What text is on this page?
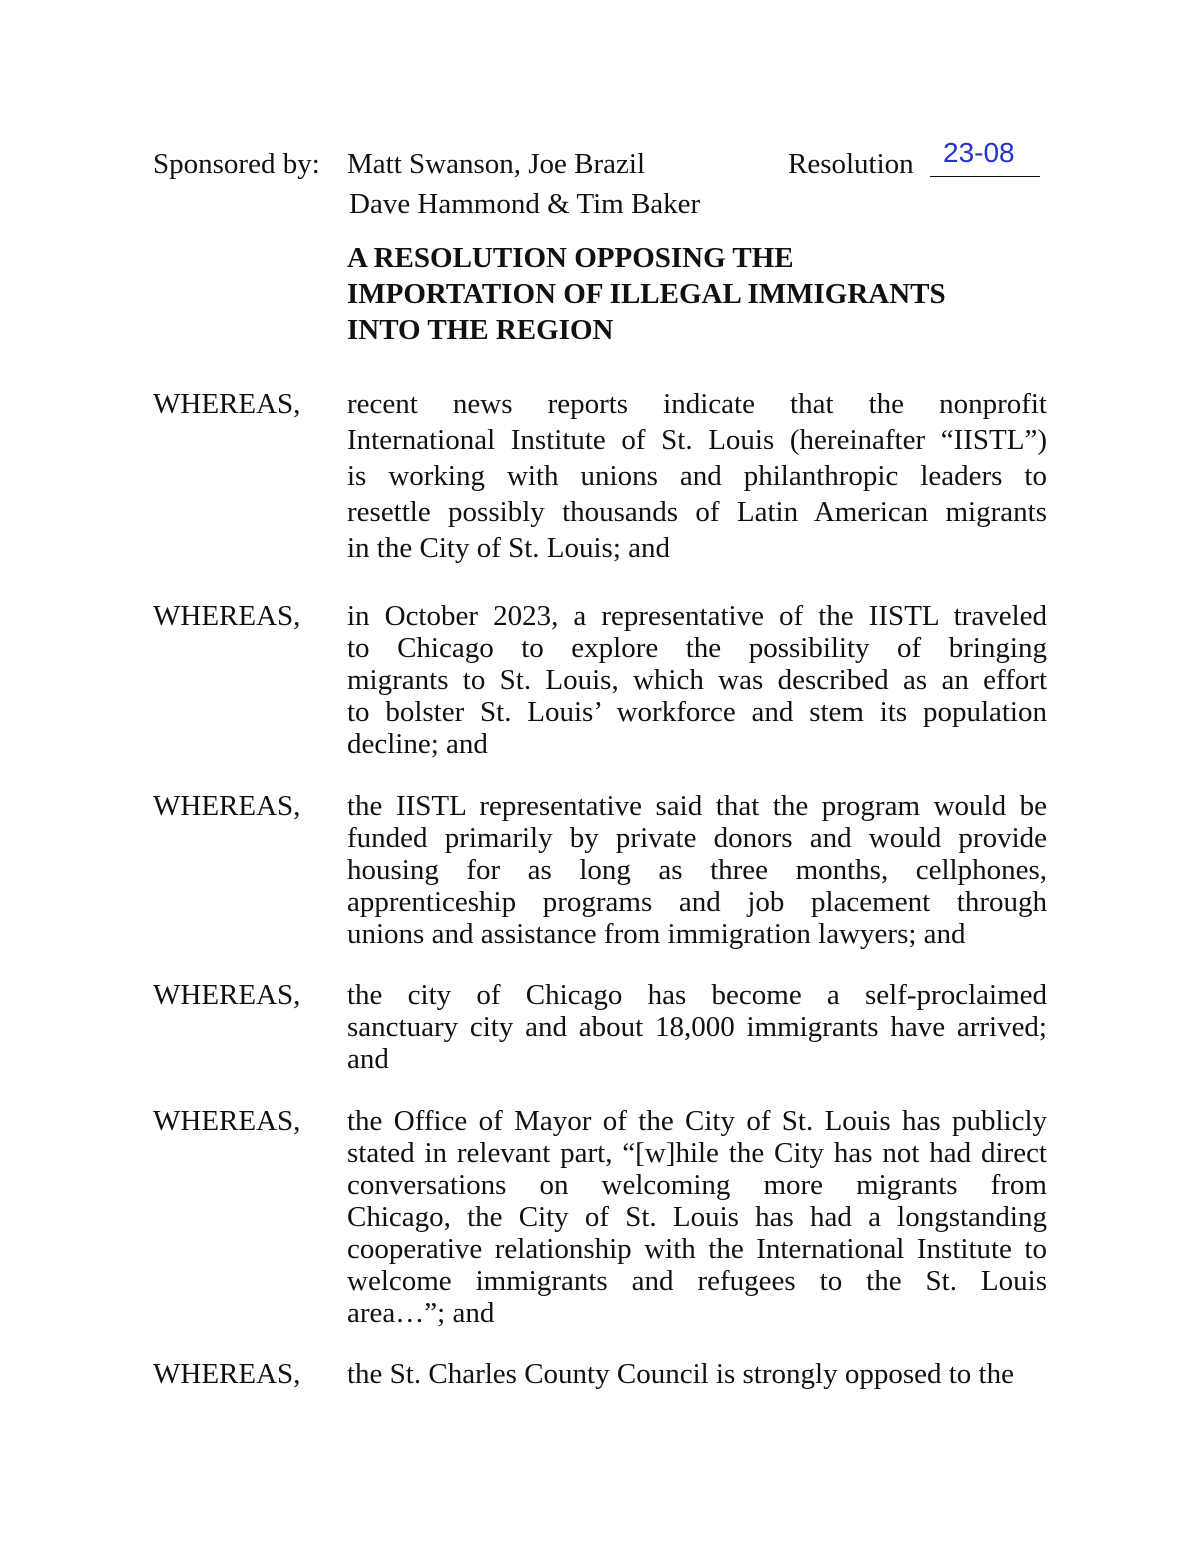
Sponsored by: Matt Swanson, Joe Brazil
Dave Hammond & Tim Baker
Resolution 23-08
A RESOLUTION OPPOSING THE
IMPORTATION OF ILLEGAL IMMIGRANTS
INTO THE REGION
WHEREAS, recent news reports indicate that the nonprofit
International Institute of St. Louis (hereinafter “IISTL”)
is working with unions and philanthropic leaders to
resettle possibly thousands of Latin American migrants
in the City of St. Louis; and
WHEREAS, in October 2023, a representative of the IISTL traveled
to Chicago to explore the possibility of bringing
migrants to St. Louis, which was described as an effort
to bolster St. Louis’ workforce and stem its population
decline; and
WHEREAS, the IISTL representative said that the program would be
funded primarily by private donors and would provide
housing for as long as three months, cellphones,
apprenticeship programs and job placement through
unions and assistance from immigration lawyers; and
WHEREAS, the city of Chicago has become a self-proclaimed
sanctuary city and about 18,000 immigrants have arrived;
and
WHEREAS, the Office of Mayor of the City of St. Louis has publicly
stated in relevant part, “[w]hile the City has not had direct
conversations on welcoming more migrants from
Chicago, the City of St. Louis has had a longstanding
cooperative relationship with the International Institute to
welcome immigrants and refugees to the St. Louis
area…”; and
WHEREAS, the St. Charles County Council is strongly opposed to the
